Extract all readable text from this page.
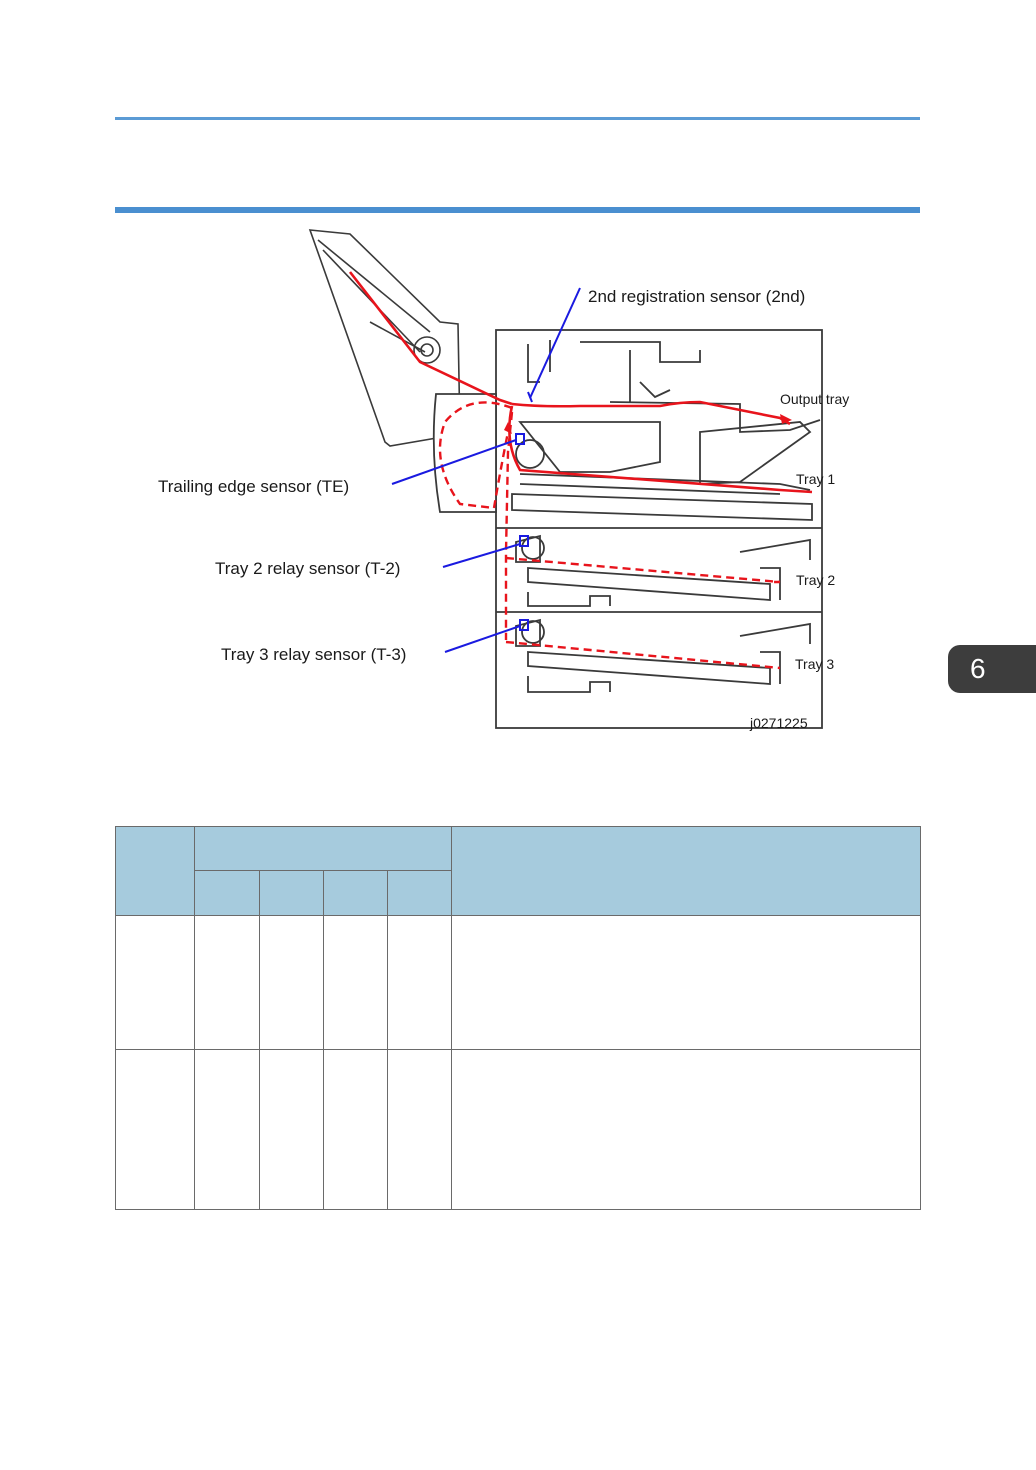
2nd registration sensor (2nd)
Trailing edge sensor (TE)
Tray 2 relay sensor (T-2)
Tray 3 relay sensor (T-3)
Output tray
Tray 1
Tray 2
Tray 3
j0271225
6
